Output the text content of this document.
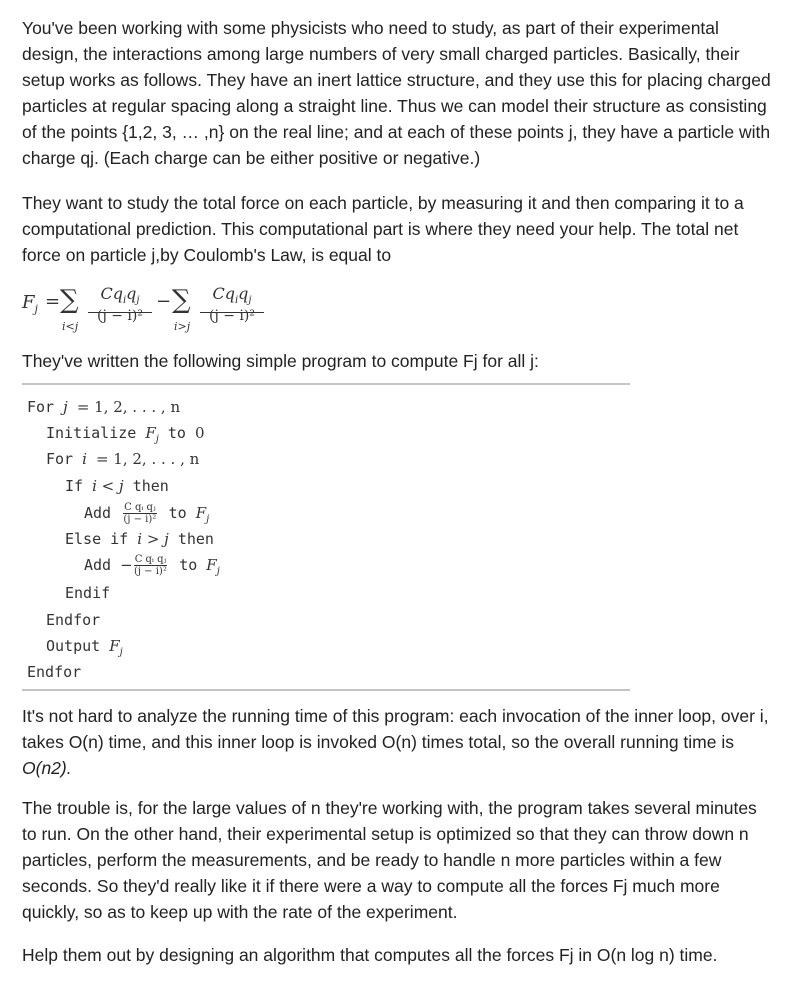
You've been working with some physicists who need to study, as part of their experimental
design, the interactions among large numbers of very small charged particles. Basically, their
setup works as follows. They have an inert lattice structure, and they use this for placing charged
particles at regular spacing along a straight line. Thus we can model their structure as consisting
of the points {1,2, 3, … ,n} on the real line; and at each of these points j, they have a particle with
charge qj. (Each charge can be either positive or negative.)

They want to study the total force on each particle, by measuring it and then comparing it to a
computational prediction. This computational part is where they need your help. The total net
force on particle j,by Coulomb's Law, is equal to

$F_j$ = ∑
i<j
$Cq_iq_j$
(j − i)²
− ∑
i>j
$Cq_iq_j$
(j − i)²

They've written the following simple program to compute Fj for all j:

For j = 1, 2, . . . , n
Initialize $F_j$ to 0
For i = 1, 2, . . . , n
If i < j then
Add $\frac{\text{C qᵢ qⱼ}}{\text{(j − i)²}}$ to $F_j$
Else if i > j then
Add − $\frac{\text{C qᵢ qⱼ}}{\text{(j − i)²}}$ to $F_j$
Endif
Endfor
Output $F_j$
Endfor

It's not hard to analyze the running time of this program: each invocation of the inner loop, over i,
takes O(n) time, and this inner loop is invoked O(n) times total, so the overall running time is
O(n2).

The trouble is, for the large values of n they're working with, the program takes several minutes
to run. On the other hand, their experimental setup is optimized so that they can throw down n
particles, perform the measurements, and be ready to handle n more particles within a few
seconds. So they'd really like it if there were a way to compute all the forces Fj much more
quickly, so as to keep up with the rate of the experiment.

Help them out by designing an algorithm that computes all the forces Fj in O(n log n) time.
